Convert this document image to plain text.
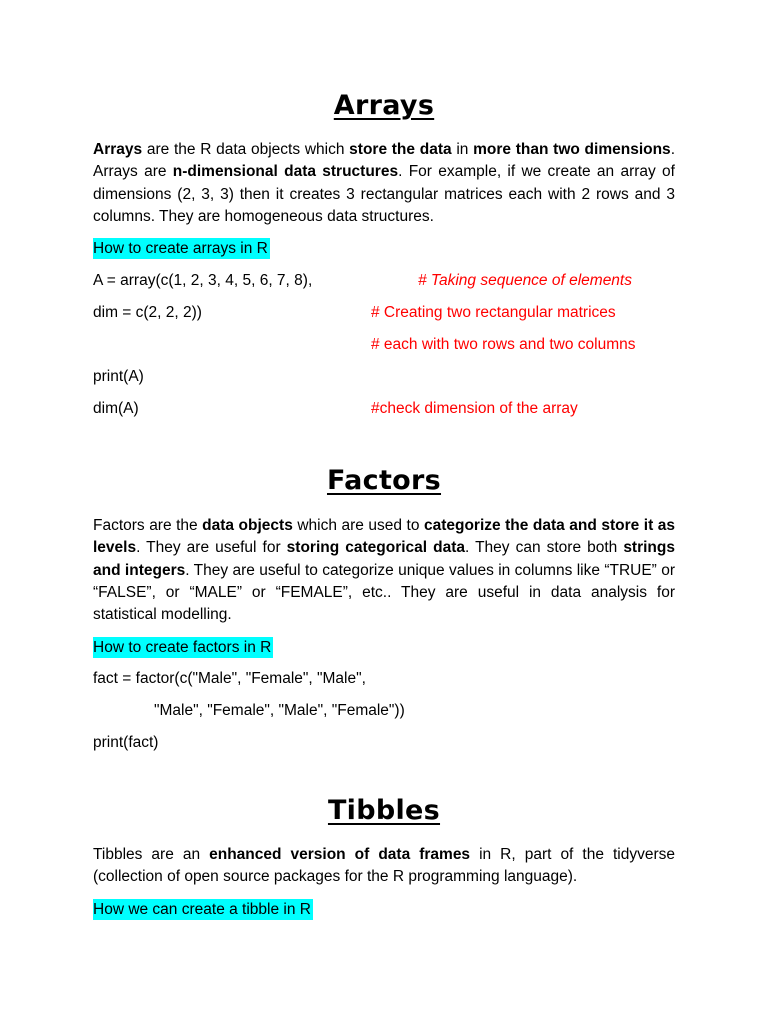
Arrays
Arrays are the R data objects which store the data in more than two dimensions. Arrays are n-dimensional data structures. For example, if we create an array of dimensions (2, 3, 3) then it creates 3 rectangular matrices each with 2 rows and 3 columns. They are homogeneous data structures.
How to create arrays in R
A = array(c(1, 2, 3, 4, 5, 6, 7, 8),	# Taking sequence of elements
dim = c(2, 2, 2))	# Creating two rectangular matrices
# each with two rows and two columns
print(A)
dim(A)	#check dimension of the array
Factors
Factors are the data objects which are used to categorize the data and store it as levels. They are useful for storing categorical data. They can store both strings and integers. They are useful to categorize unique values in columns like “TRUE” or “FALSE”, or “MALE” or “FEMALE”, etc.. They are useful in data analysis for statistical modelling.
How to create factors in R
fact = factor(c("Male", "Female", "Male",
"Male", "Female", "Male", "Female"))
print(fact)
Tibbles
Tibbles are an enhanced version of data frames in R, part of the tidyverse (collection of open source packages for the R programming language).
How we can create a tibble in R
